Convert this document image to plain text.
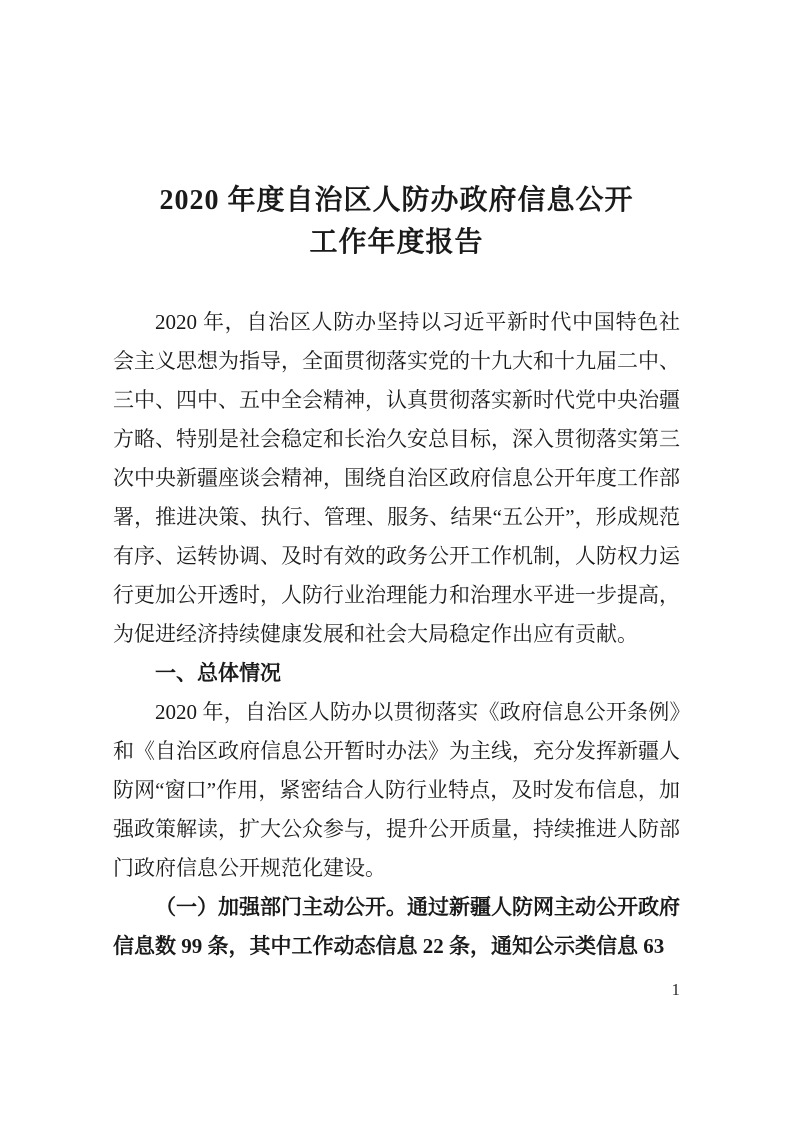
2020 年度自治区人防办政府信息公开
工作年度报告

2020 年，自治区人防办坚持以习近平新时代中国特色社会主义思想为指导，全面贯彻落实党的十九大和十九届二中、三中、四中、五中全会精神，认真贯彻落实新时代党中央治疆方略、特别是社会稳定和长治久安总目标，深入贯彻落实第三次中央新疆座谈会精神，围绕自治区政府信息公开年度工作部署，推进决策、执行、管理、服务、结果“五公开”，形成规范有序、运转协调、及时有效的政务公开工作机制，人防权力运行更加公开透时，人防行业治理能力和治理水平进一步提高，为促进经济持续健康发展和社会大局稳定作出应有贡献。

一、总体情况

2020 年，自治区人防办以贯彻落实《政府信息公开条例》和《自治区政府信息公开暂时办法》为主线，充分发挥新疆人防网“窗口”作用，紧密结合人防行业特点，及时发布信息，加强政策解读，扩大公众参与，提升公开质量，持续推进人防部门政府信息公开规范化建设。

（一）加强部门主动公开。通过新疆人防网主动公开政府信息数 99 条，其中工作动态信息 22 条，通知公示类信息 63

1
